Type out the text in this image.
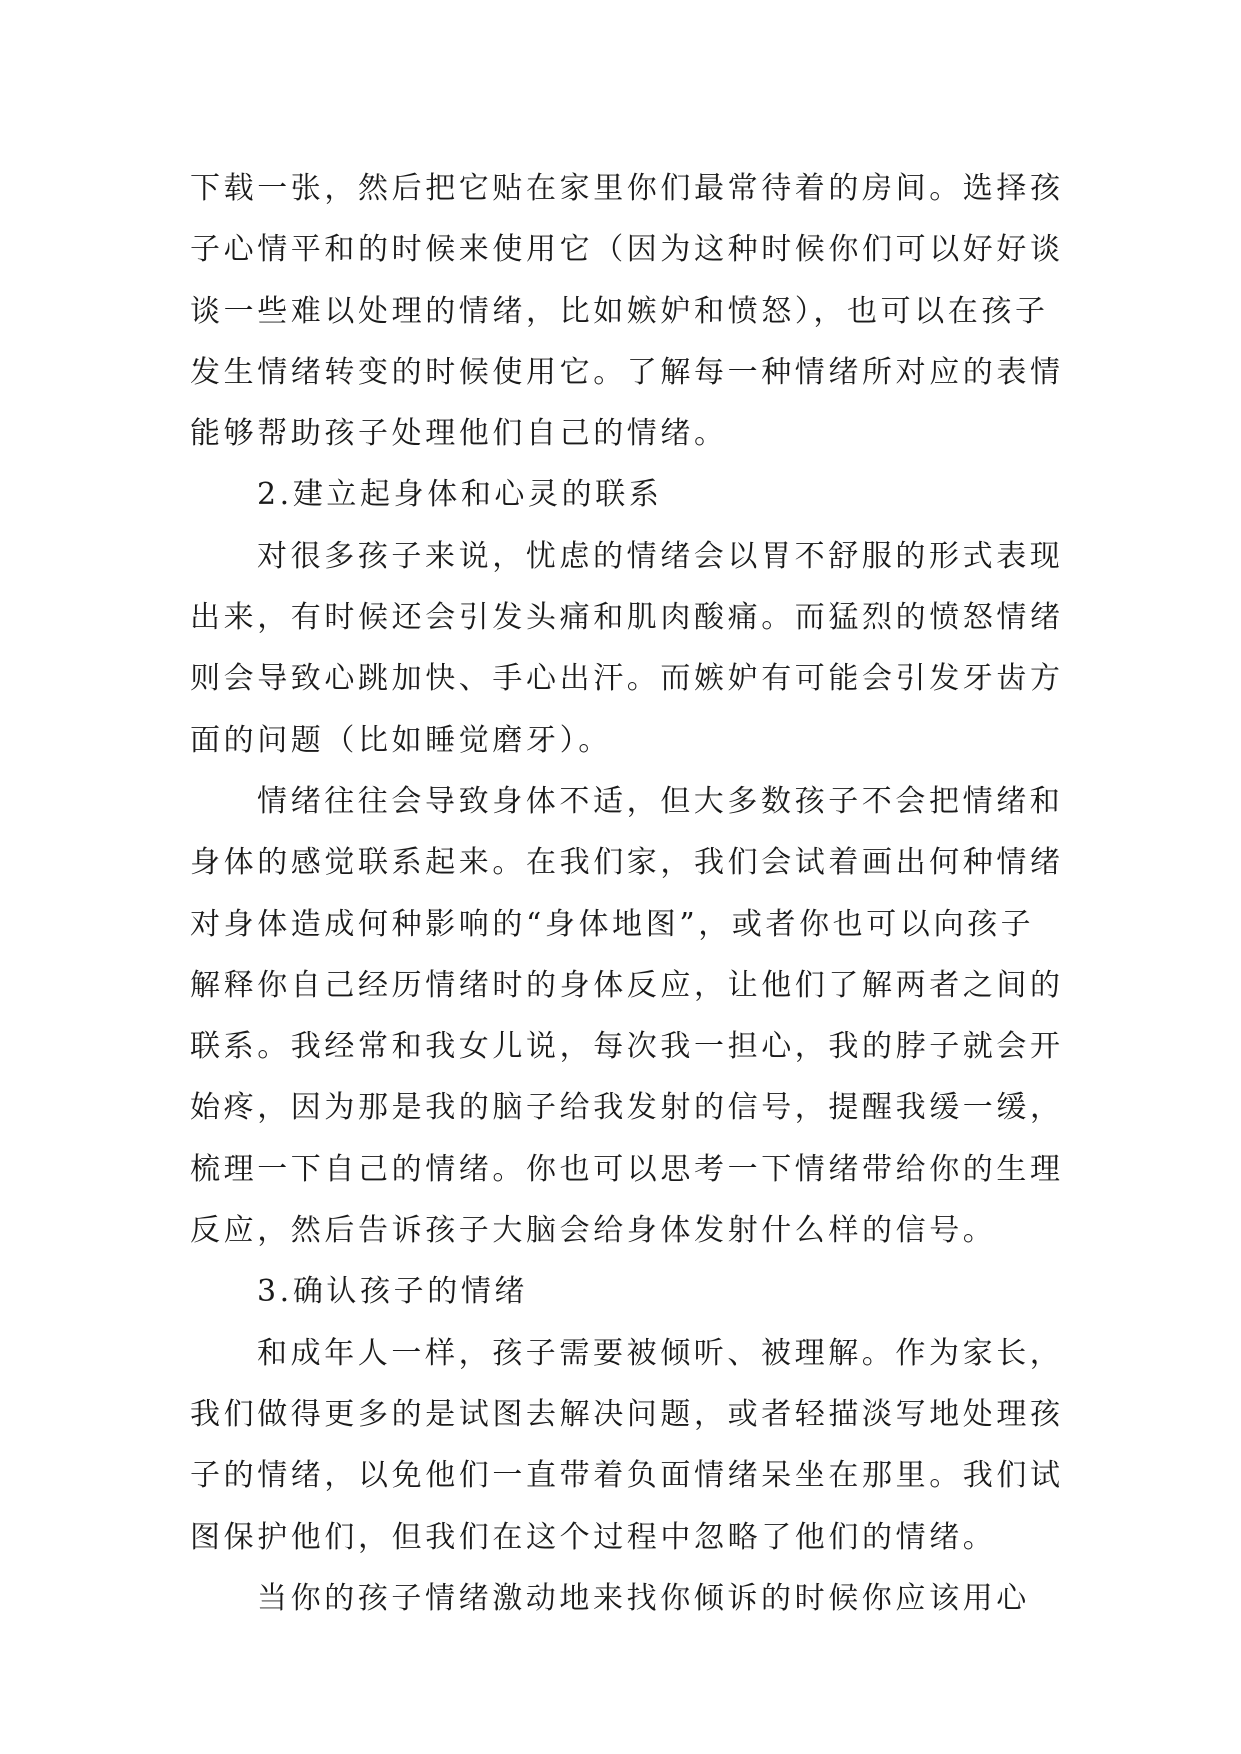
下载一张，然后把它贴在家里你们最常待着的房间。选择孩
子心情平和的时候来使用它（因为这种时候你们可以好好谈
谈一些难以处理的情绪，比如嫉妒和愤怒），也可以在孩子
发生情绪转变的时候使用它。了解每一种情绪所对应的表情
能够帮助孩子处理他们自己的情绪。
2.建立起身体和心灵的联系
对很多孩子来说，忧虑的情绪会以胃不舒服的形式表现
出来，有时候还会引发头痛和肌肉酸痛。而猛烈的愤怒情绪
则会导致心跳加快、手心出汗。而嫉妒有可能会引发牙齿方
面的问题（比如睡觉磨牙）。
情绪往往会导致身体不适，但大多数孩子不会把情绪和
身体的感觉联系起来。在我们家，我们会试着画出何种情绪
对身体造成何种影响的“身体地图”，或者你也可以向孩子
解释你自己经历情绪时的身体反应，让他们了解两者之间的
联系。我经常和我女儿说，每次我一担心，我的脖子就会开
始疼，因为那是我的脑子给我发射的信号，提醒我缓一缓，
梳理一下自己的情绪。你也可以思考一下情绪带给你的生理
反应，然后告诉孩子大脑会给身体发射什么样的信号。
3.确认孩子的情绪
和成年人一样，孩子需要被倾听、被理解。作为家长，
我们做得更多的是试图去解决问题，或者轻描淡写地处理孩
子的情绪，以免他们一直带着负面情绪呆坐在那里。我们试
图保护他们，但我们在这个过程中忽略了他们的情绪。
当你的孩子情绪激动地来找你倾诉的时候你应该用心
